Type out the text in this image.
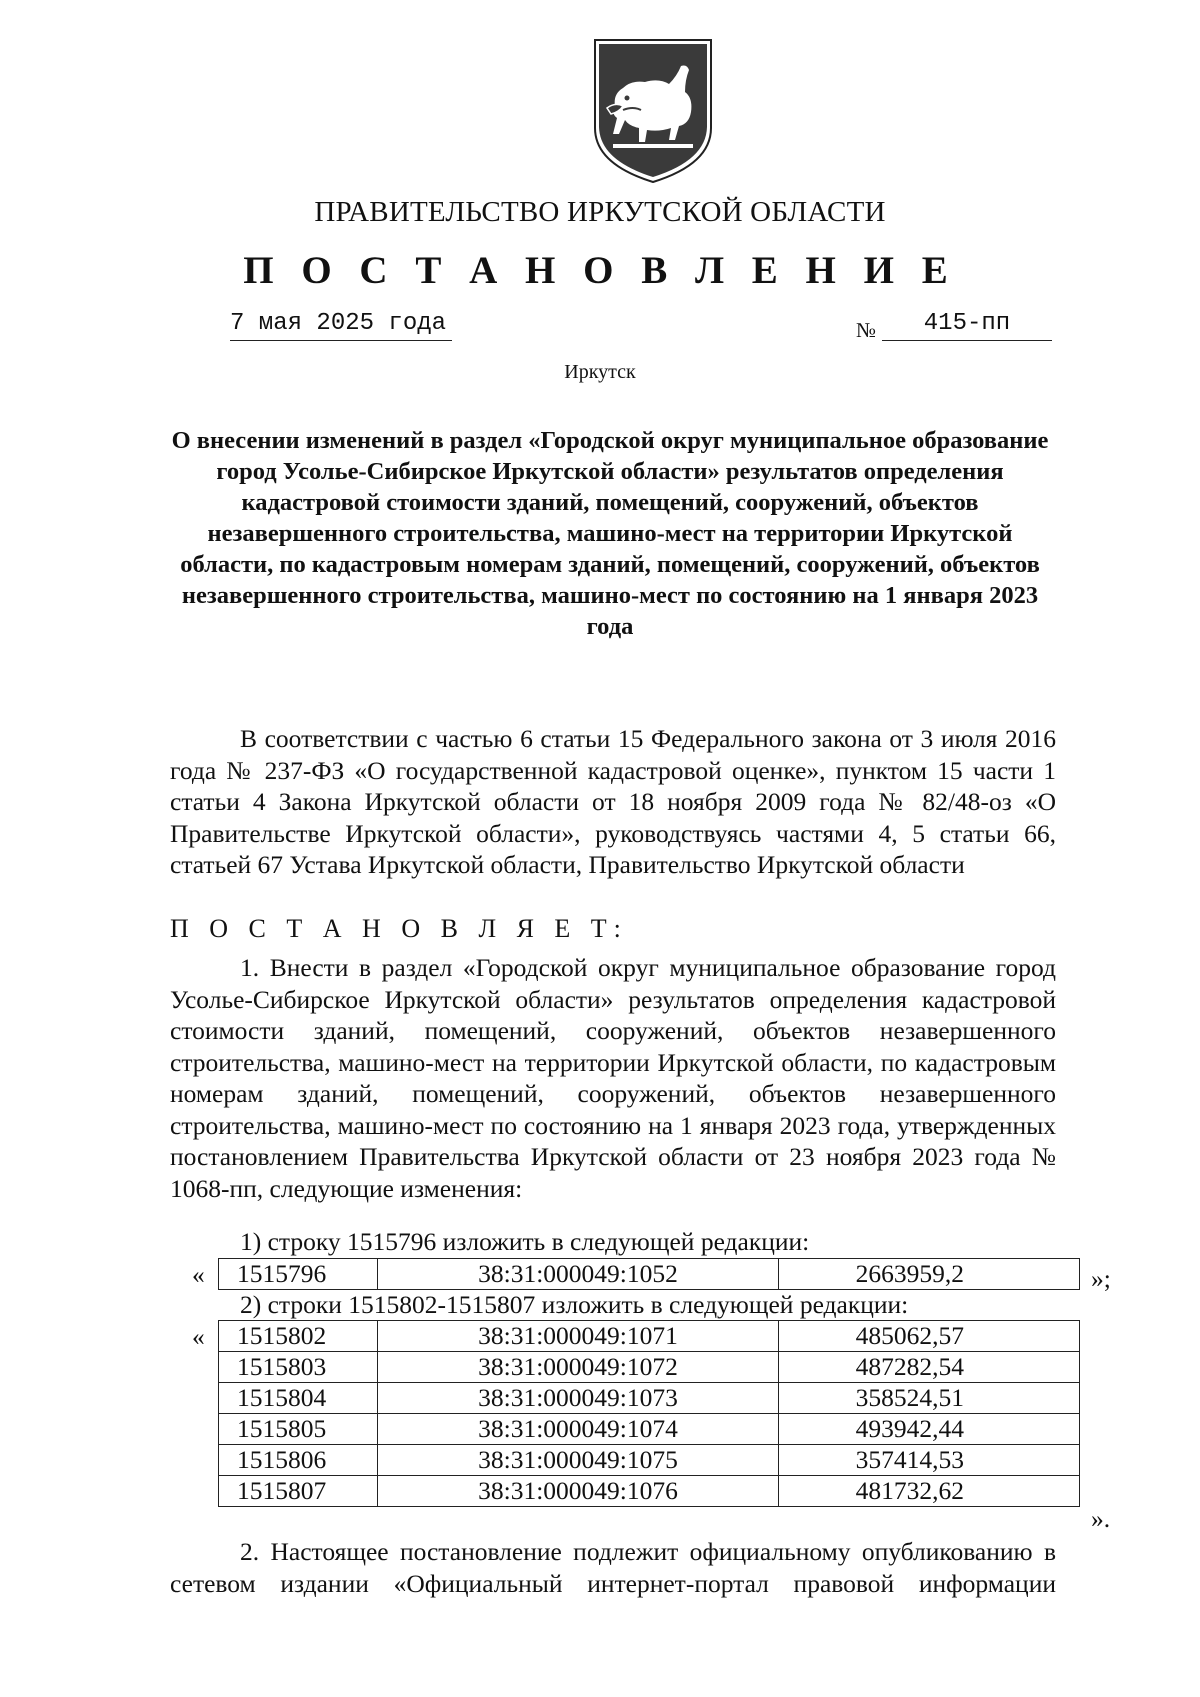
ПРАВИТЕЛЬСТВО ИРКУТСКОЙ ОБЛАСТИ
П О С Т А Н О В Л Е Н И Е
7 мая 2025 года	№	415-пп
Иркутск
О внесении изменений в раздел «Городской округ муниципальное образование город Усолье-Сибирское Иркутской области» результатов определения кадастровой стоимости зданий, помещений, сооружений, объектов незавершенного строительства, машино-мест на территории Иркутской области, по кадастровым номерам зданий, помещений, сооружений, объектов незавершенного строительства, машино-мест по состоянию на 1 января 2023 года
В соответствии с частью 6 статьи 15 Федерального закона от 3 июля 2016 года № 237-ФЗ «О государственной кадастровой оценке», пунктом 15 части 1 статьи 4 Закона Иркутской области от 18 ноября 2009 года № 82/48-оз «О Правительстве Иркутской области», руководствуясь частями 4, 5 статьи 66, статьей 67 Устава Иркутской области, Правительство Иркутской области
П О С Т А Н О В Л Я Е Т:
1. Внести в раздел «Городской округ муниципальное образование город Усолье-Сибирское Иркутской области» результатов определения кадастровой стоимости зданий, помещений, сооружений, объектов незавершенного строительства, машино-мест на территории Иркутской области, по кадастровым номерам зданий, помещений, сооружений, объектов незавершенного строительства, машино-мест по состоянию на 1 января 2023 года, утвержденных постановлением Правительства Иркутской области от 23 ноября 2023 года № 1068-пп, следующие изменения:
1) строку 1515796 изложить в следующей редакции:
« 1515796	38:31:000049:1052	2663959,2	»;
2) строки 1515802-1515807 изложить в следующей редакции:
« 1515802	38:31:000049:1071	485062,57
1515803	38:31:000049:1072	487282,54
1515804	38:31:000049:1073	358524,51
1515805	38:31:000049:1074	493942,44
1515806	38:31:000049:1075	357414,53
1515807	38:31:000049:1076	481732,62
».
2. Настоящее постановление подлежит официальному опубликованию в сетевом издании «Официальный интернет-портал правовой информации
